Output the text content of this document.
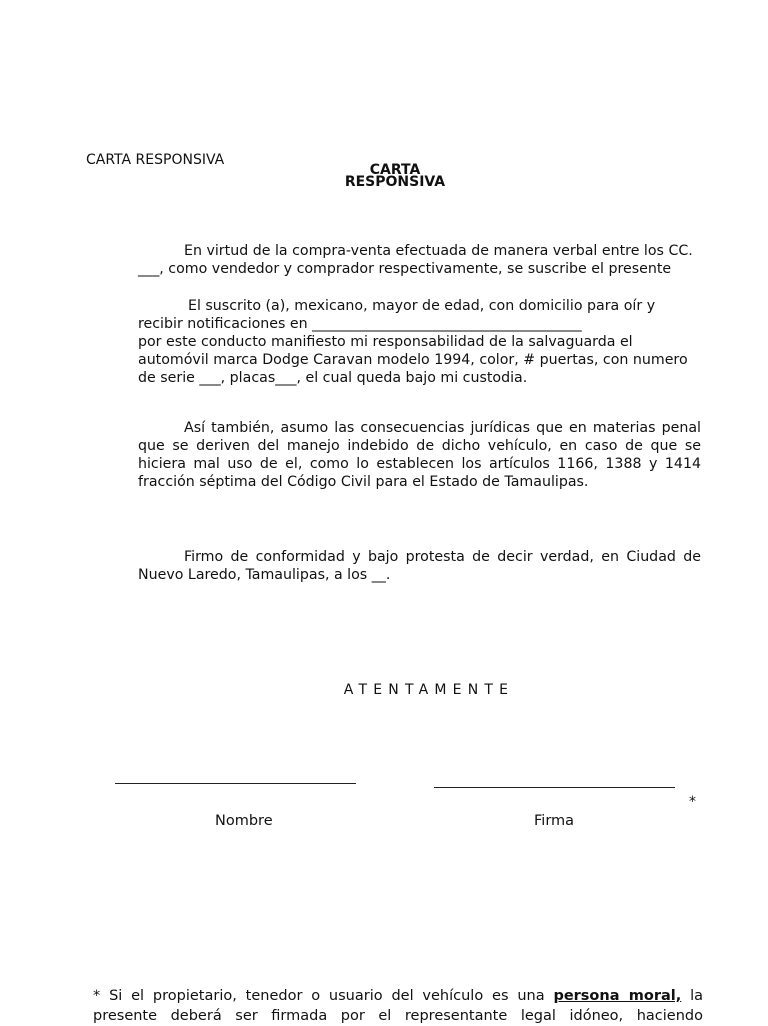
CARTA RESPONSIVA
CARTA
RESPONSIVA
En virtud de la compra-venta efectuada de manera verbal entre los CC. ___, como vendedor y comprador respectivamente, se suscribe el presente
El suscrito (a), mexicano, mayor de edad, con domicilio para oír y
recibir notificaciones en ______________________________________
por este conducto manifiesto mi responsabilidad de la salvaguarda el automóvil marca Dodge Caravan modelo 1994, color, # puertas, con numero de serie ___, placas___, el cual queda bajo mi custodia.
Así también, asumo las consecuencias jurídicas que en materias penal que se deriven del manejo indebido de dicho vehículo, en caso de que se hiciera mal uso de el, como lo establecen los artículos 1166, 1388 y 1414 fracción séptima del Código Civil para el Estado de Tamaulipas.
Firmo de conformidad y bajo protesta de decir verdad, en Ciudad de Nuevo Laredo, Tamaulipas, a los __.
ATENTAMENTE
*
Nombre	Firma
* Si el propietario, tenedor o usuario del vehículo es una persona moral, la
presente deberá ser firmada por el representante legal idóneo, haciendo
